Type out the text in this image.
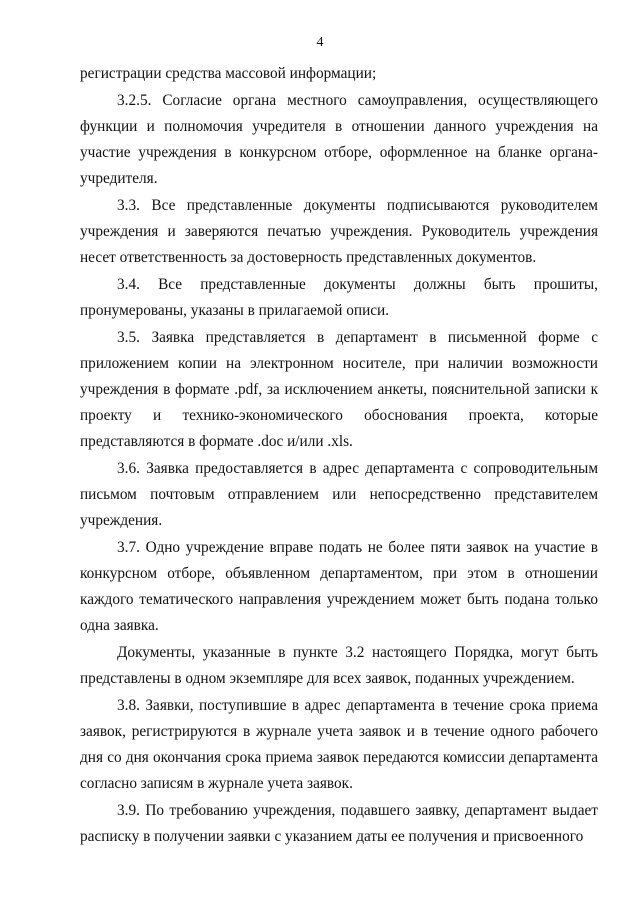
4

регистрации средства массовой информации;

3.2.5. Согласие органа местного самоуправления, осуществляющего функции и полномочия учредителя в отношении данного учреждения на участие учреждения в конкурсном отборе, оформленное на бланке органа-учредителя.

3.3. Все представленные документы подписываются руководителем учреждения и заверяются печатью учреждения. Руководитель учреждения несет ответственность за достоверность представленных документов.

3.4. Все представленные документы должны быть прошиты, пронумерованы, указаны в прилагаемой описи.

3.5. Заявка представляется в департамент в письменной форме с приложением копии на электронном носителе, при наличии возможности учреждения в формате .pdf, за исключением анкеты, пояснительной записки к проекту и технико-экономического обоснования проекта, которые представляются в формате .doc и/или .xls.

3.6. Заявка предоставляется в адрес департамента с сопроводительным письмом почтовым отправлением или непосредственно представителем учреждения.

3.7. Одно учреждение вправе подать не более пяти заявок на участие в конкурсном отборе, объявленном департаментом, при этом в отношении каждого тематического направления учреждением может быть подана только одна заявка.

Документы, указанные в пункте 3.2 настоящего Порядка, могут быть представлены в одном экземпляре для всех заявок, поданных учреждением.

3.8. Заявки, поступившие в адрес департамента в течение срока приема заявок, регистрируются в журнале учета заявок и в течение одного рабочего дня со дня окончания срока приема заявок передаются комиссии департамента согласно записям в журнале учета заявок.

3.9. По требованию учреждения, подавшего заявку, департамент выдает расписку в получении заявки с указанием даты ее получения и присвоенного
